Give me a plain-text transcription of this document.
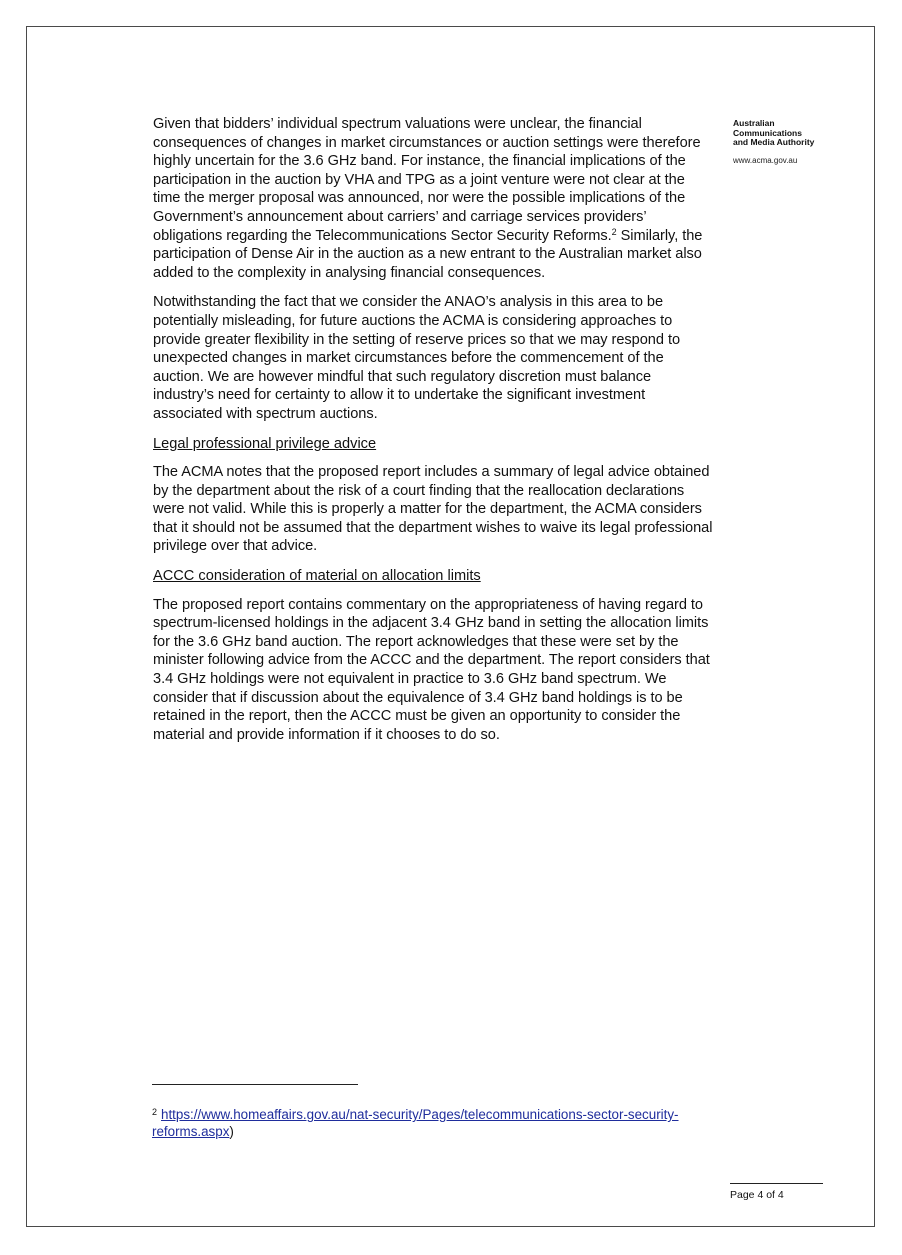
Australian
Communications
and Media Authority
www.acma.gov.au

Given that bidders’ individual spectrum valuations were unclear, the financial consequences of changes in market circumstances or auction settings were therefore highly uncertain for the 3.6 GHz band. For instance, the financial implications of the participation in the auction by VHA and TPG as a joint venture were not clear at the time the merger proposal was announced, nor were the possible implications of the Government’s announcement about carriers’ and carriage services providers’ obligations regarding the Telecommunications Sector Security Reforms.$^2$ Similarly, the participation of Dense Air in the auction as a new entrant to the Australian market also added to the complexity in analysing financial consequences.

Notwithstanding the fact that we consider the ANAO’s analysis in this area to be potentially misleading, for future auctions the ACMA is considering approaches to provide greater flexibility in the setting of reserve prices so that we may respond to unexpected changes in market circumstances before the commencement of the auction. We are however mindful that such regulatory discretion must balance industry’s need for certainty to allow it to undertake the significant investment associated with spectrum auctions.

Legal professional privilege advice

The ACMA notes that the proposed report includes a summary of legal advice obtained by the department about the risk of a court finding that the reallocation declarations were not valid. While this is properly a matter for the department, the ACMA considers that it should not be assumed that the department wishes to waive its legal professional privilege over that advice.

ACCC consideration of material on allocation limits

The proposed report contains commentary on the appropriateness of having regard to spectrum-licensed holdings in the adjacent 3.4 GHz band in setting the allocation limits for the 3.6 GHz band auction. The report acknowledges that these were set by the minister following advice from the ACCC and the department. The report considers that 3.4 GHz holdings were not equivalent in practice to 3.6 GHz band spectrum. We consider that if discussion about the equivalence of 3.4 GHz band holdings is to be retained in the report, then the ACCC must be given an opportunity to consider the material and provide information if it chooses to do so.

$^2$ https://www.homeaffairs.gov.au/nat-security/Pages/telecommunications-sector-security-reforms.aspx)
Page 4 of 4
